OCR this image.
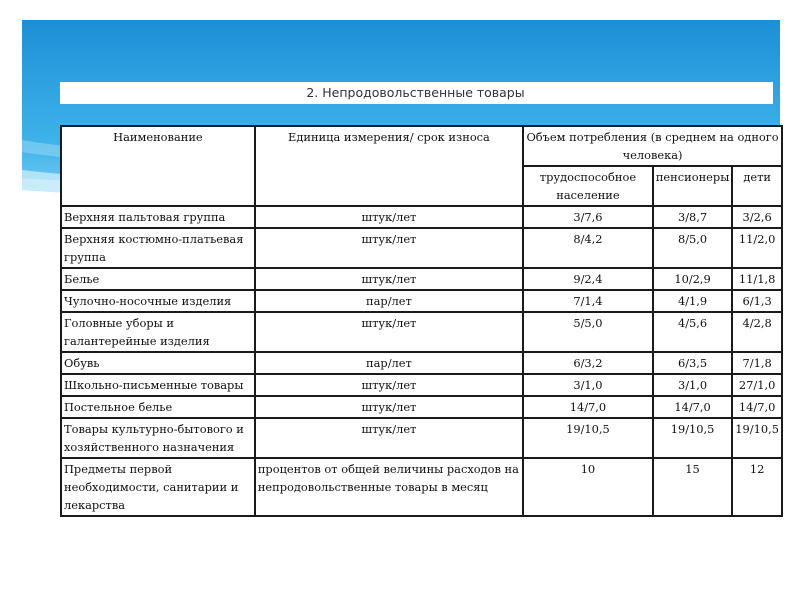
2. Непродовольственные товары
Наименование	Единица измерения/ срок износа	Объем потребления (в среднем на одного человека)		
		трудоспособное население	пенсионеры	дети
Верхняя пальтовая группа	штук/лет	3/7,6	3/8,7	3/2,6
Верхняя костюмно-платьевая группа	штук/лет	8/4,2	8/5,0	11/2,0
Белье	штук/лет	9/2,4	10/2,9	11/1,8
Чулочно-носочные изделия	пар/лет	7/1,4	4/1,9	6/1,3
Головные уборы и галантерейные изделия	штук/лет	5/5,0	4/5,6	4/2,8
Обувь	пар/лет	6/3,2	6/3,5	7/1,8
Школьно-письменные товары	штук/лет	3/1,0	3/1,0	27/1,0
Постельное белье	штук/лет	14/7,0	14/7,0	14/7,0
Товары культурно-бытового и хозяйственного назначения	штук/лет	19/10,5	19/10,5	19/10,5
Предметы первой необходимости, санитарии и лекарства	процентов от общей величины расходов на непродовольственные товары в месяц	10	15	12
